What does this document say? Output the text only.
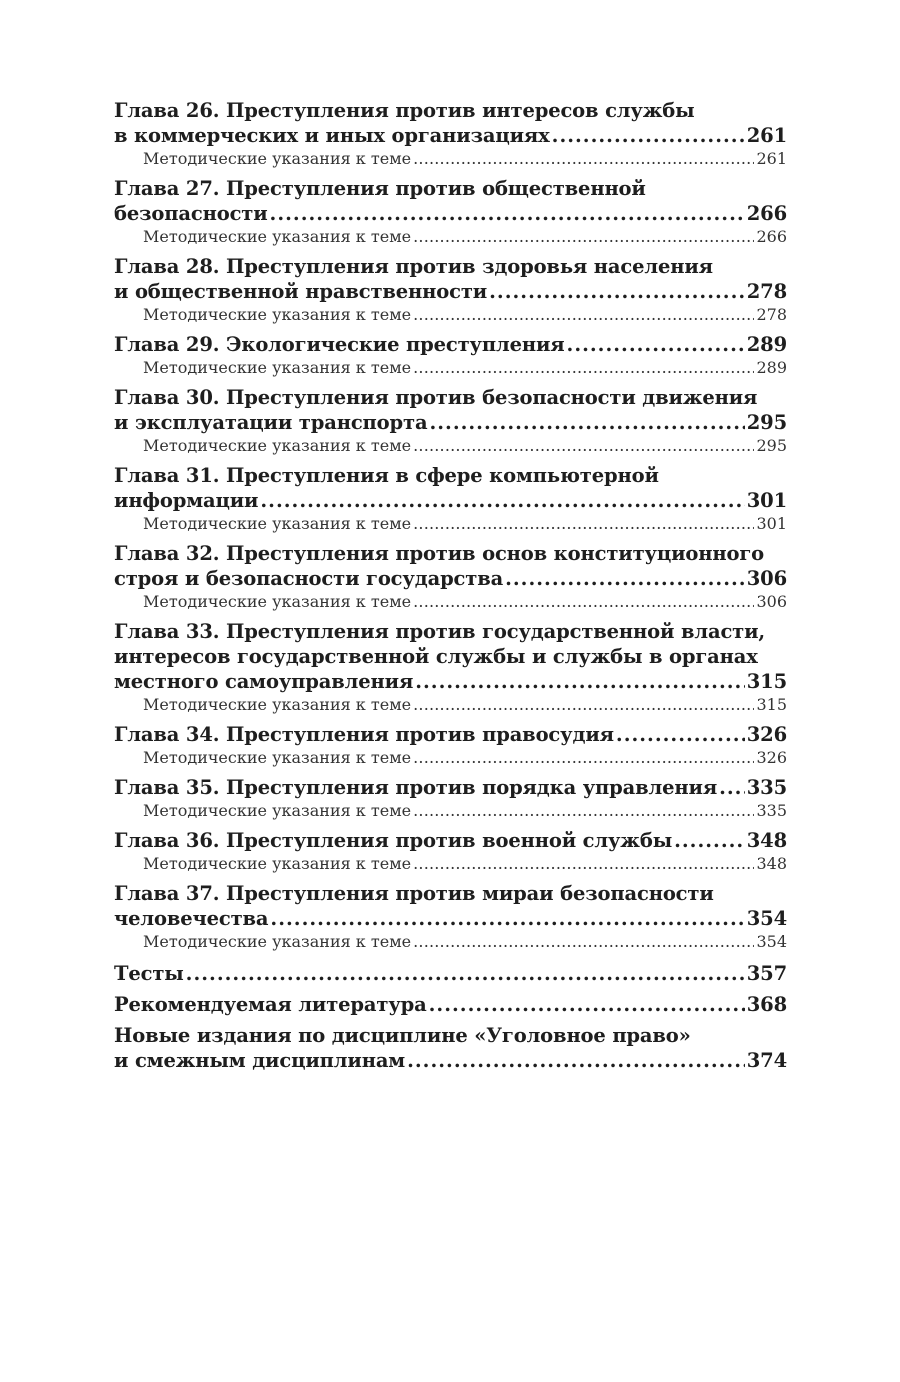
Глава 26. Преступления против интересов службы
в коммерческих и иных организациях .....	261
Методические указания к теме .....	261
Глава 27. Преступления против общественной
безопасности .....	266
Методические указания к теме .....	266
Глава 28. Преступления против здоровья населения
и общественной нравственности .....	278
Методические указания к теме .....	278
Глава 29. Экологические преступления .....	289
Методические указания к теме .....	289
Глава 30. Преступления против безопасности движения
и эксплуатации транспорта .....	295
Методические указания к теме .....	295
Глава 31. Преступления в сфере компьютерной
информации .....	301
Методические указания к теме .....	301
Глава 32. Преступления против основ конституционного
строя и безопасности государства .....	306
Методические указания к теме .....	306
Глава 33. Преступления против государственной власти,
интересов государственной службы и службы в органах
местного самоуправления .....	315
Методические указания к теме .....	315
Глава 34. Преступления против правосудия .....	326
Методические указания к теме .....	326
Глава 35. Преступления против порядка управления ..... 335
Методические указания к теме .....	335
Глава 36. Преступления против военной службы .....	348
Методические указания к теме .....	348
Глава 37. Преступления против мираи безопасности
человечества .....	354
Методические указания к теме .....	354
Тесты .....	357
Рекомендуемая литература .....	368
Новые издания по дисциплине «Уголовное право»
и смежным дисциплинам .....	374
